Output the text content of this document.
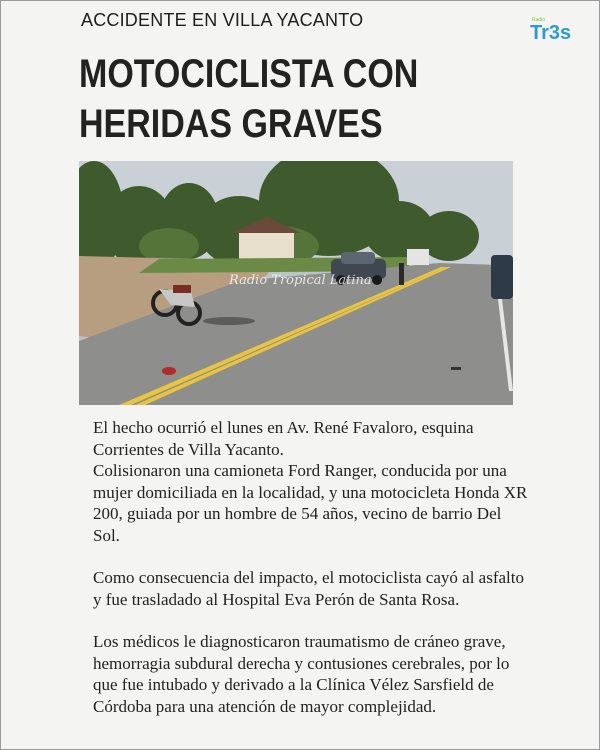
ACCIDENTE EN VILLA YACANTO	Radio
Tr3s
MOTOCICLISTA CON
HERIDAS GRAVES
Radio Tropical Latina

El hecho ocurrió el lunes en Av. René Favaloro, esquina Corrientes de Villa Yacanto.
Colisionaron una camioneta Ford Ranger, conducida por una mujer domiciliada en la localidad, y una motocicleta Honda XR 200, guiada por un hombre de 54 años, vecino de barrio Del Sol.

Como consecuencia del impacto, el motociclista cayó al asfalto y fue trasladado al Hospital Eva Perón de Santa Rosa.

Los médicos le diagnosticaron traumatismo de cráneo grave, hemorragia subdural derecha y contusiones cerebrales, por lo que fue intubado y derivado a la Clínica Vélez Sarsfield de Córdoba para una atención de mayor complejidad.
